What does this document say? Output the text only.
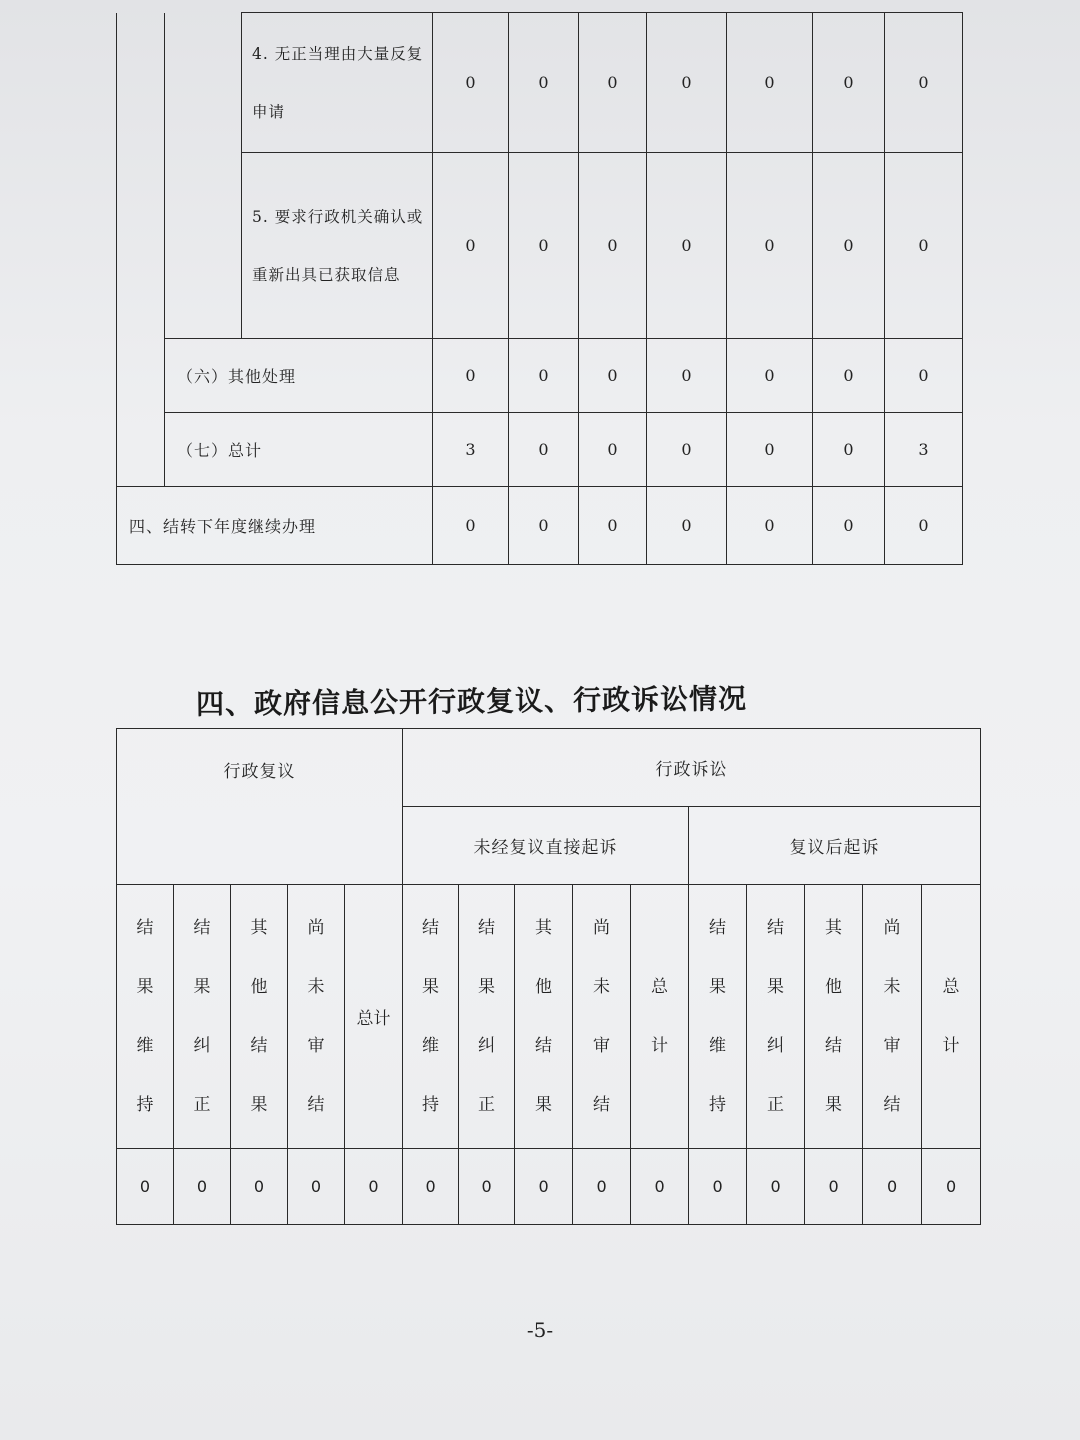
		4. 无正当理由大量反复申请	0	0	0	0	0	0	0
		5. 要求行政机关确认或重新出具已获取信息	0	0	0	0	0	0	0
	（六）其他处理		0	0	0	0	0	0	0
	（七）总计		3	0	0	0	0	0	3
四、结转下年度继续办理			0	0	0	0	0	0	0
四、政府信息公开行政复议、行政诉讼情况
行政复议					行政诉讼									
					未经复议直接起诉					复议后起诉				

结果维持	结果纠正	其他结果	尚未审结	总计	结果维持	结果纠正	其他结果	尚未审结	总计	结果维持	结果纠正	其他结果	尚未审结	总计

0	0	0	0	0	0	0	0	0	0	0	0	0	0	0
-5-
